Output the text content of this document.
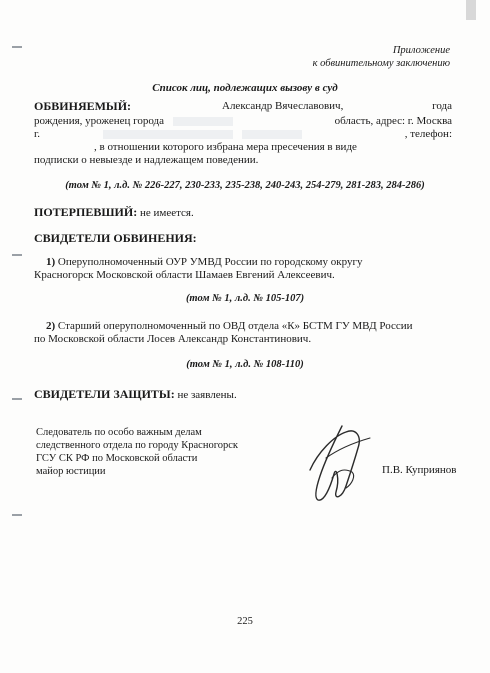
Приложение
к обвинительному заключению
Список лиц, подлежащих вызову в суд
ОБВИНЯЕМЫЙ:	Александр Вячеславович,	года
рождения, уроженец города	область, адрес: г. Москва
г.	, телефон:
, в отношении которого избрана мера пресечения в виде
подписки о невыезде и надлежащем поведении.
(том № 1, л.д. № 226-227, 230-233, 235-238, 240-243, 254-279, 281-283, 284-286)
ПОТЕРПЕВШИЙ: не имеется.
СВИДЕТЕЛИ ОБВИНЕНИЯ:
1) Оперуполномоченный ОУР УМВД России по городскому округу
Красногорск Московской области Шамаев Евгений Алексеевич.
(том № 1, л.д. № 105-107)
2) Старший оперуполномоченный по ОВД отдела «К» БСТМ ГУ МВД России
по Московской области Лосев Александр Константинович.
(том № 1, л.д. № 108-110)
СВИДЕТЕЛИ ЗАЩИТЫ: не заявлены.
Следователь по особо важным делам
следственного отдела по городу Красногорск
ГСУ СК РФ по Московской области
майор юстиции	П.В. Куприянов
225
